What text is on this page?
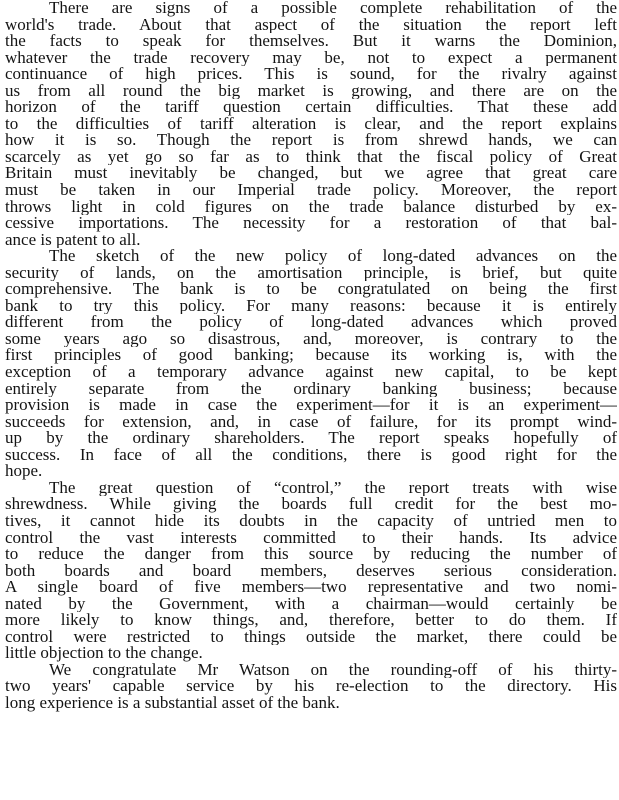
There are signs of a possible complete rehabilitation of the
world's trade. About that aspect of the situation the report left
the facts to speak for themselves. But it warns the Dominion,
whatever the trade recovery may be, not to expect a permanent
continuance of high prices. This is sound, for the rivalry against
us from all round the big market is growing, and there are on the
horizon of the tariff question certain difficulties. That these add
to the difficulties of tariff alteration is clear, and the report explains
how it is so. Though the report is from shrewd hands, we can
scarcely as yet go so far as to think that the fiscal policy of Great
Britain must inevitably be changed, but we agree that great care
must be taken in our Imperial trade policy. Moreover, the report
throws light in cold figures on the trade balance disturbed by ex-
cessive importations. The necessity for a restoration of that bal-
ance is patent to all.
The sketch of the new policy of long-dated advances on the
security of lands, on the amortisation principle, is brief, but quite
comprehensive. The bank is to be congratulated on being the first
bank to try this policy. For many reasons: because it is entirely
different from the policy of long-dated advances which proved
some years ago so disastrous, and, moreover, is contrary to the
first principles of good banking; because its working is, with the
exception of a temporary advance against new capital, to be kept
entirely separate from the ordinary banking business; because
provision is made in case the experiment—for it is an experiment—
succeeds for extension, and, in case of failure, for its prompt wind-
up by the ordinary shareholders. The report speaks hopefully of
success. In face of all the conditions, there is good right for the
hope.
The great question of “control,” the report treats with wise
shrewdness. While giving the boards full credit for the best mo-
tives, it cannot hide its doubts in the capacity of untried men to
control the vast interests committed to their hands. Its advice
to reduce the danger from this source by reducing the number of
both boards and board members, deserves serious consideration.
A single board of five members—two representative and two nomi-
nated by the Government, with a chairman—would certainly be
more likely to know things, and, therefore, better to do them. If
control were restricted to things outside the market, there could be
little objection to the change.
We congratulate Mr Watson on the rounding-off of his thirty-
two years' capable service by his re-election to the directory. His
long experience is a substantial asset of the bank.
